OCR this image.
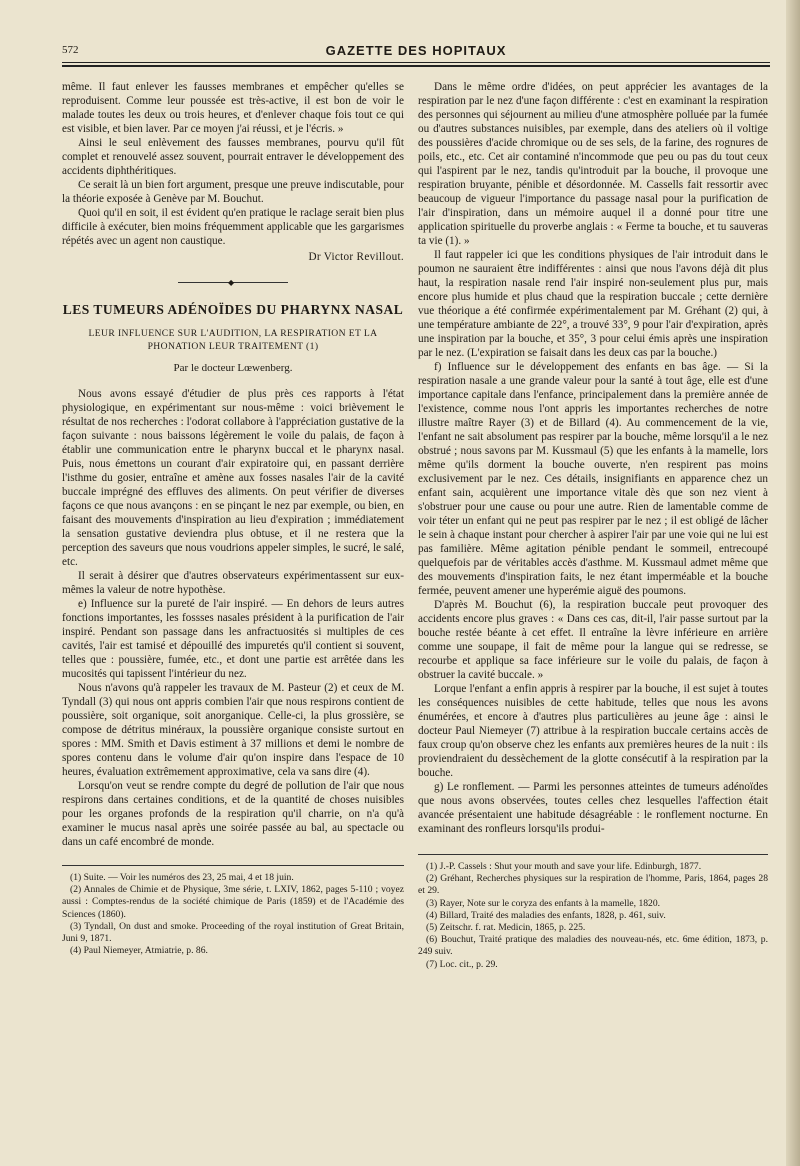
572	GAZETTE DES HOPITAUX

même. Il faut enlever les fausses membranes et empêcher qu'elles se reproduisent. Comme leur poussée est très-active, il est bon de voir le malade toutes les deux ou trois heures, et d'enlever chaque fois tout ce qui est visible, et bien laver. Par ce moyen j'ai réussi, et je l'écris. »

Ainsi le seul enlèvement des fausses membranes, pourvu qu'il fût complet et renouvelé assez souvent, pourrait entraver le développement des accidents diphthéritiques.

Ce serait là un bien fort argument, presque une preuve indiscutable, pour la théorie exposée à Genève par M. Bouchut.

Quoi qu'il en soit, il est évident qu'en pratique le raclage serait bien plus difficile à exécuter, bien moins fréquemment applicable que les gargarismes répétés avec un agent non caustique.

Dr Victor Revillout.
◆
LES TUMEURS ADÉNOÏDES DU PHARYNX NASAL
LEUR INFLUENCE SUR L'AUDITION, LA RESPIRATION ET LA PHONATION LEUR TRAITEMENT (1)
Par le docteur Lœwenberg.

Nous avons essayé d'étudier de plus près ces rapports à l'état physiologique, en expérimentant sur nous-même : voici brièvement le résultat de nos recherches : l'odorat collabore à l'appréciation gustative de la façon suivante : nous baissons légèrement le voile du palais, de façon à établir une communication entre le pharynx buccal et le pharynx nasal. Puis, nous émettons un courant d'air expiratoire qui, en passant derrière l'isthme du gosier, entraîne et amène aux fosses nasales l'air de la cavité buccale imprégné des effluves des aliments. On peut vérifier de diverses façons ce que nous avançons : en se pinçant le nez par exemple, ou bien, en faisant des mouvements d'inspiration au lieu d'expiration ; immédiatement la sensation gustative deviendra plus obtuse, et il ne restera que la perception des saveurs que nous voudrions appeler simples, le sucré, le salé, etc.

Il serait à désirer que d'autres observateurs expérimentassent sur eux-mêmes la valeur de notre hypothèse.

e) Influence sur la pureté de l'air inspiré. — En dehors de leurs autres fonctions importantes, les fossses nasales président à la purification de l'air inspiré. Pendant son passage dans les anfractuosités si multiples de ces cavités, l'air est tamisé et dépouillé des impuretés qu'il contient si souvent, telles que : poussière, fumée, etc., et dont une partie est arrêtée dans les mucosités qui tapissent l'intérieur du nez.

Nous n'avons qu'à rappeler les travaux de M. Pasteur (2) et ceux de M. Tyndall (3) qui nous ont appris combien l'air que nous respirons contient de poussière, soit organique, soit anorganique. Celle-ci, la plus grossière, se compose de détritus minéraux, la poussière organique consiste surtout en spores : MM. Smith et Davis estiment à 37 millions et demi le nombre de spores contenu dans le volume d'air qu'on inspire dans l'espace de 10 heures, évaluation extrêmement approximative, cela va sans dire (4).

Lorsqu'on veut se rendre compte du degré de pollution de l'air que nous respirons dans certaines conditions, et de la quantité de choses nuisibles pour les organes profonds de la respiration qu'il charrie, on n'a qu'à examiner le mucus nasal après une soirée passée au bal, au spectacle ou dans un café encombré de monde.

(1) Suite. — Voir les numéros des 23, 25 mai, 4 et 18 juin.
(2) Annales de Chimie et de Physique, 3me série, t. LXIV, 1862, pages 5-110 ; voyez aussi : Comptes-rendus de la société chimique de Paris (1859) et de l'Académie des Sciences (1860).
(3) Tyndall, On dust and smoke. Proceeding of the royal institution of Great Britain, Juni 9, 1871.
(4) Paul Niemeyer, Atmiatrie, p. 86.

Dans le même ordre d'idées, on peut apprécier les avantages de la respiration par le nez d'une façon différente : c'est en examinant la respiration des personnes qui séjournent au milieu d'une atmosphère polluée par la fumée ou d'autres substances nuisibles, par exemple, dans des ateliers où il voltige des poussières d'acide chromique ou de ses sels, de la farine, des rognures de poils, etc., etc. Cet air contaminé n'incommode que peu ou pas du tout ceux qui l'aspirent par le nez, tandis qu'introduit par la bouche, il provoque une respiration bruyante, pénible et désordonnée. M. Cassells fait ressortir avec beaucoup de vigueur l'importance du passage nasal pour la purification de l'air d'inspiration, dans un mémoire auquel il a donné pour titre une application spirituelle du proverbe anglais : « Ferme ta bouche, et tu sauveras ta vie (1). »

Il faut rappeler ici que les conditions physiques de l'air introduit dans le poumon ne sauraient être indifférentes : ainsi que nous l'avons déjà dit plus haut, la respiration nasale rend l'air inspiré non-seulement plus pur, mais encore plus humide et plus chaud que la respiration buccale ; cette dernière vue théorique a été confirmée expérimentalement par M. Gréhant (2) qui, à une température ambiante de 22°, a trouvé 33°, 9 pour l'air d'expiration, après une inspiration par la bouche, et 35°, 3 pour celui émis après une inspiration par le nez. (L'expiration se faisait dans les deux cas par la bouche.)

f) Influence sur le développement des enfants en bas âge. — Si la respiration nasale a une grande valeur pour la santé à tout âge, elle est d'une importance capitale dans l'enfance, principalement dans la première année de l'existence, comme nous l'ont appris les importantes recherches de notre illustre maître Rayer (3) et de Billard (4). Au commencement de la vie, l'enfant ne sait absolument pas respirer par la bouche, même lorsqu'il a le nez obstrué ; nous savons par M. Kussmaul (5) que les enfants à la mamelle, lors même qu'ils dorment la bouche ouverte, n'en respirent pas moins exclusivement par le nez. Ces détails, insignifiants en apparence chez un enfant sain, acquièrent une importance vitale dès que son nez vient à s'obstruer pour une cause ou pour une autre. Rien de lamentable comme de voir téter un enfant qui ne peut pas respirer par le nez ; il est obligé de lâcher le sein à chaque instant pour chercher à aspirer l'air par une voie qui ne lui est pas familière. Même agitation pénible pendant le sommeil, entrecoupé quelquefois par de véritables accès d'asthme. M. Kussmaul admet même que des mouvements d'inspiration faits, le nez étant imperméable et la bouche fermée, peuvent amener une hyperémie aiguë des poumons.

D'après M. Bouchut (6), la respiration buccale peut provoquer des accidents encore plus graves : « Dans ces cas, dit-il, l'air passe surtout par la bouche restée béante à cet effet. Il entraîne la lèvre inférieure en arrière comme une soupape, il fait de même pour la langue qui se redresse, se recourbe et applique sa face inférieure sur le voile du palais, de façon à obstruer la cavité buccale. »

Lorque l'enfant a enfin appris à respirer par la bouche, il est sujet à toutes les conséquences nuisibles de cette habitude, telles que nous les avons énumérées, et encore à d'autres plus particulières au jeune âge : ainsi le docteur Paul Niemeyer (7) attribue à la respiration buccale certains accès de faux croup qu'on observe chez les enfants aux premières heures de la nuit : ils proviendraient du dessèchement de la glotte consécutif à la respiration par la bouche.

g) Le ronflement. — Parmi les personnes atteintes de tumeurs adénoïdes que nous avons observées, toutes celles chez lesquelles l'affection était avancée présentaient une habitude désagréable : le ronflement nocturne. En examinant des ronfleurs lorsqu'ils produi-

(1) J.-P. Cassels : Shut your mouth and save your life. Edinburgh, 1877.
(2) Gréhant, Recherches physiques sur la respiration de l'homme, Paris, 1864, pages 28 et 29.
(3) Rayer, Note sur le coryza des enfants à la mamelle, 1820.
(4) Billard, Traité des maladies des enfants, 1828, p. 461, suiv.
(5) Zeitschr. f. rat. Medicin, 1865, p. 225.
(6) Bouchut, Traité pratique des maladies des nouveau-nés, etc. 6me édition, 1873, p. 249 suiv.
(7) Loc. cit., p. 29.
